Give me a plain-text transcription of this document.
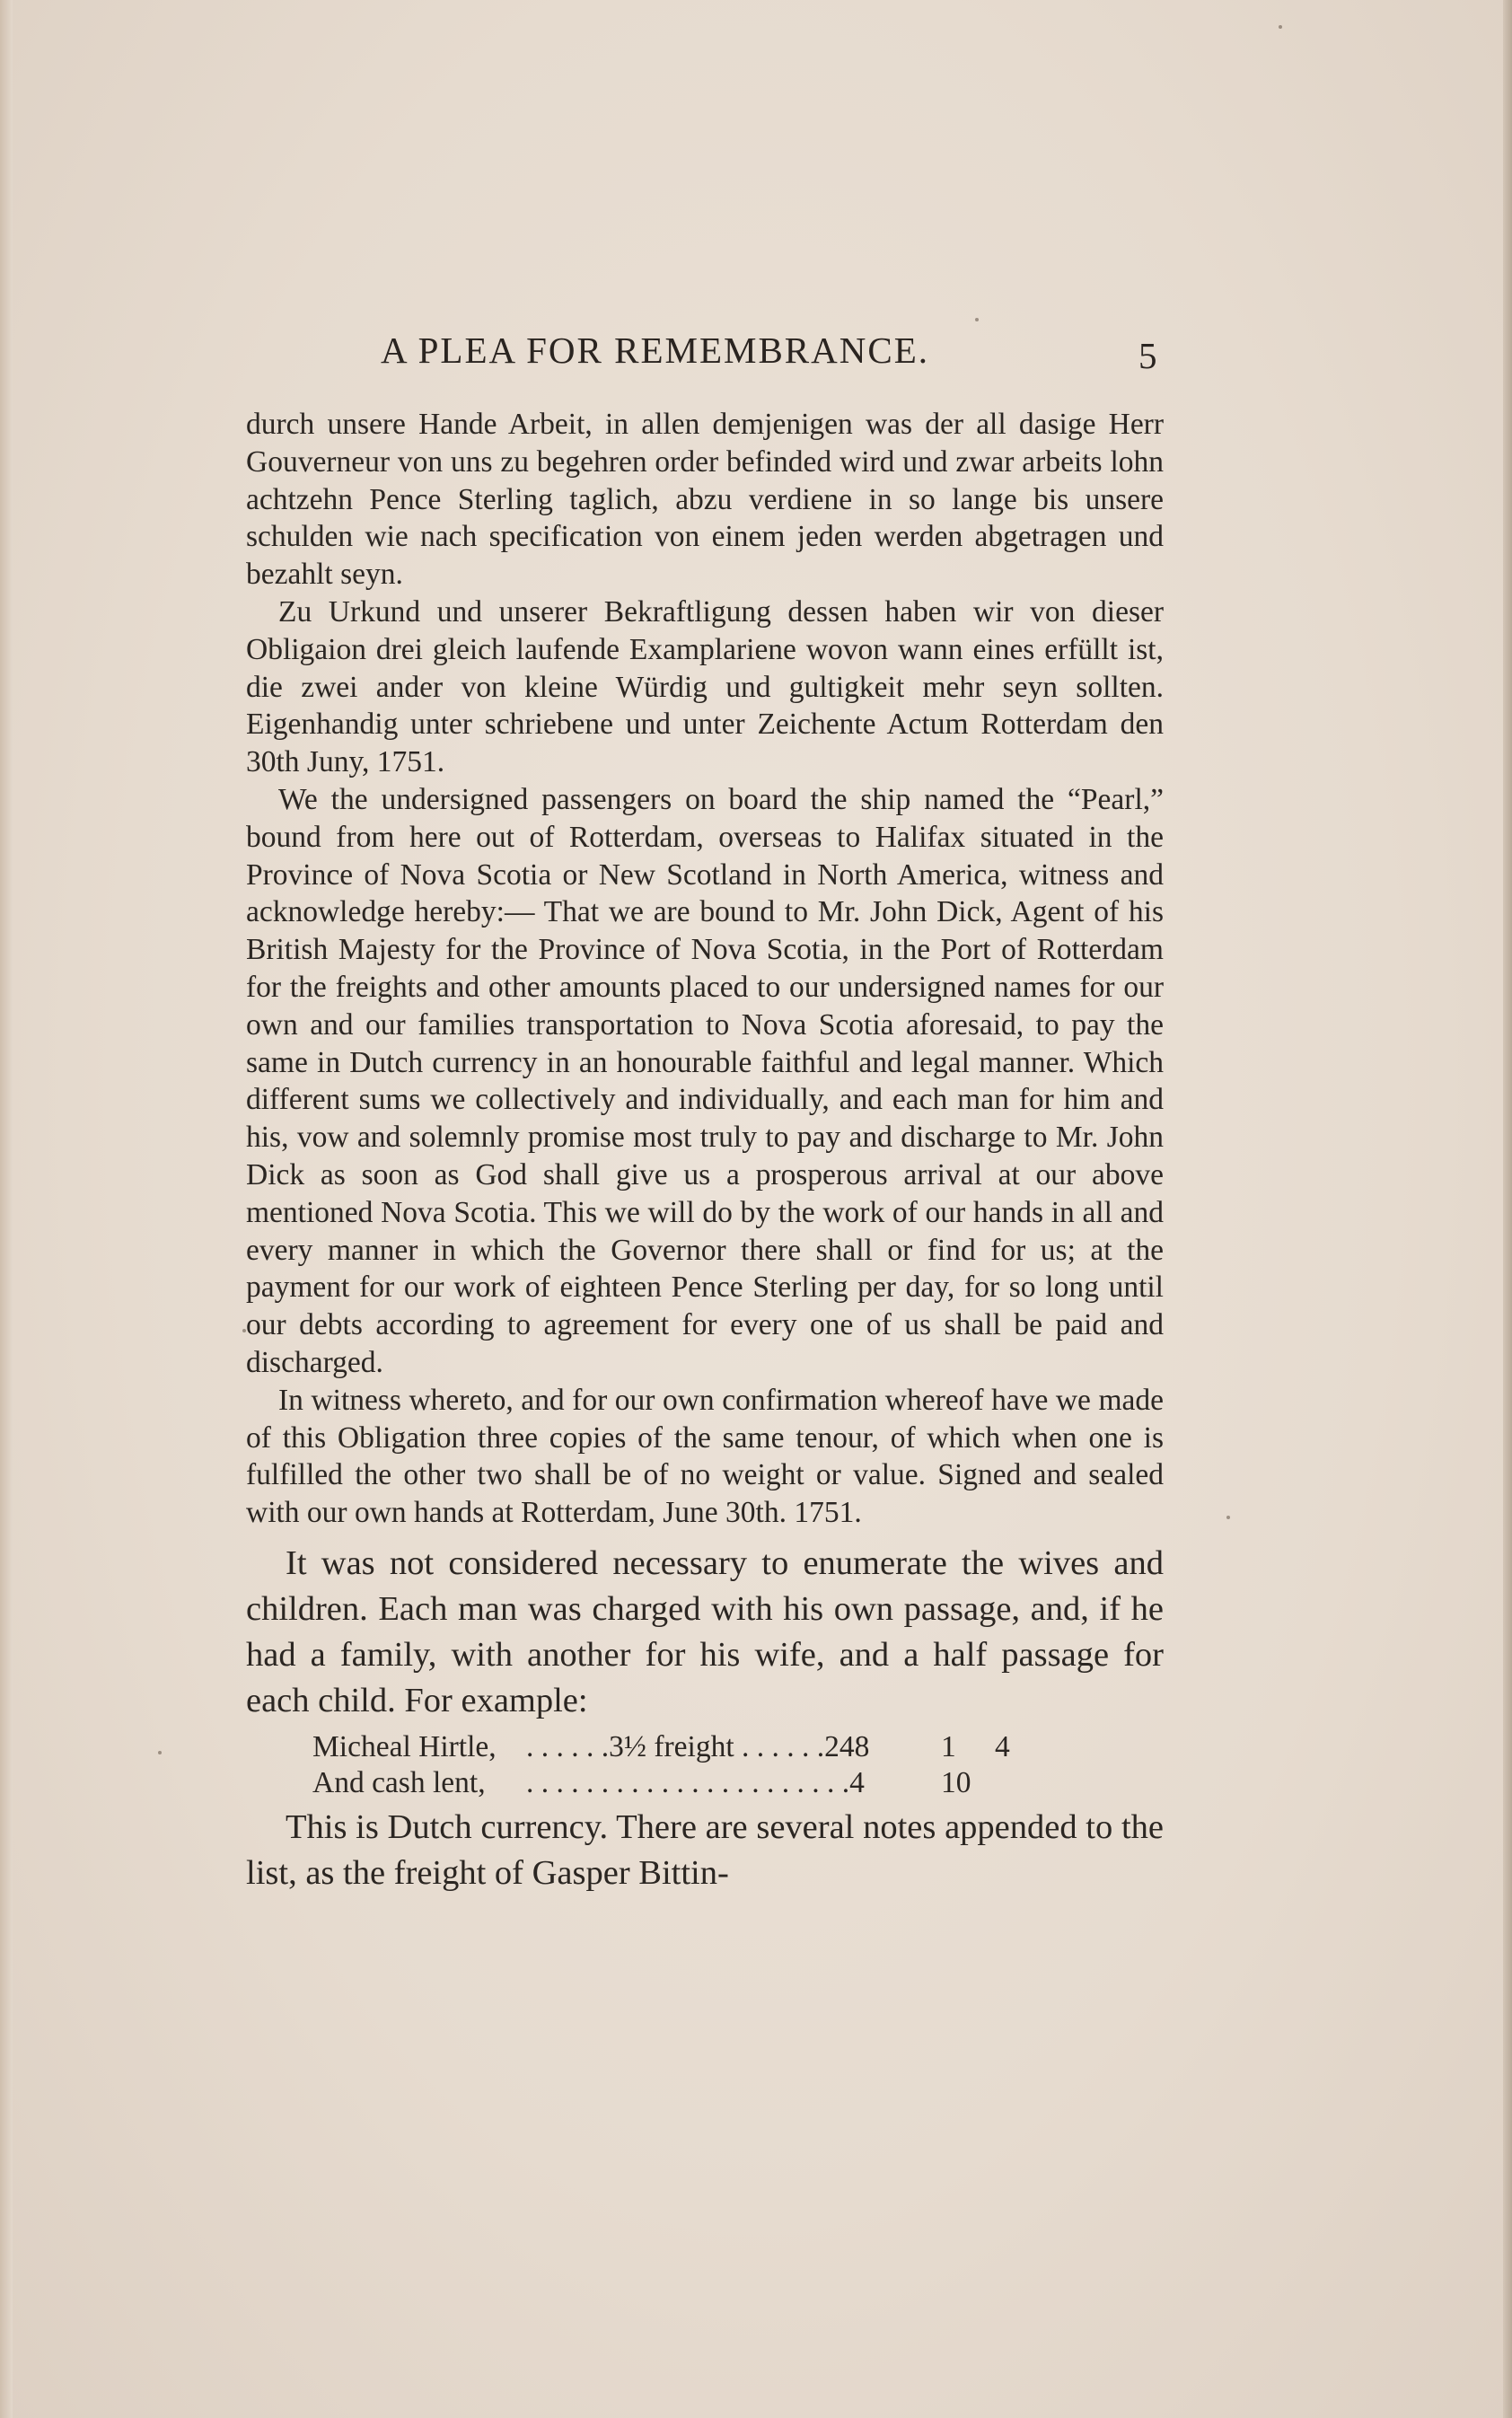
A PLEA FOR REMEMBRANCE.	5

durch unsere Hande Arbeit, in allen demjenigen was der all dasige Herr Gouverneur von uns zu begehren order befinded wird und zwar arbeits lohn achtzehn Pence Sterling taglich, abzu verdiene in so lange bis unsere schulden wie nach specification von einem jeden werden abgetragen und bezahlt seyn.

Zu Urkund und unserer Bekraftligung dessen haben wir von dieser Obligaion drei gleich laufende Examplariene wovon wann eines erfüllt ist, die zwei ander von kleine Würdig und gultigkeit mehr seyn sollten. Eigenhandig unter schriebene und unter Zeichente Actum Rotterdam den 30th Juny, 1751.

We the undersigned passengers on board the ship named the “Pearl,” bound from here out of Rotterdam, overseas to Halifax situated in the Province of Nova Scotia or New Scotland in North America, witness and acknowledge hereby:— That we are bound to Mr. John Dick, Agent of his British Majesty for the Province of Nova Scotia, in the Port of Rotterdam for the freights and other amounts placed to our undersigned names for our own and our families transportation to Nova Scotia aforesaid, to pay the same in Dutch currency in an honourable faithful and legal manner. Which different sums we collectively and individually, and each man for him and his, vow and solemnly promise most truly to pay and discharge to Mr. John Dick as soon as God shall give us a prosperous arrival at our above mentioned Nova Scotia. This we will do by the work of our hands in all and every manner in which the Governor there shall or find for us; at the payment for our work of eighteen Pence Sterling per day, for so long until our debts according to agreement for every one of us shall be paid and discharged.

In witness whereto, and for our own confirmation whereof have we made of this Obligation three copies of the same tenour, of which when one is fulfilled the other two shall be of no weight or value. Signed and sealed with our own hands at Rotterdam, June 30th. 1751.

It was not considered necessary to enumerate the wives and children. Each man was charged with his own passage, and, if he had a family, with another for his wife, and a half passage for each child. For example:

Micheal Hirtle, . . . . . .3½ freight . . . . . .248	1	4
And cash lent,	. . . . . . . . . . . . . . . . . . . . . .4	10

This is Dutch currency. There are several notes appended to the list, as the freight of Gasper Bittin-
